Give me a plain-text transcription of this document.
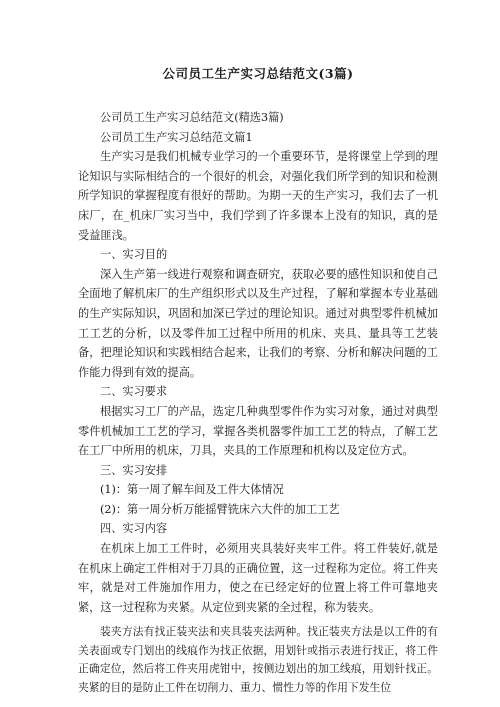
公司员工生产实习总结范文(3篇)

公司员工生产实习总结范文(精选3篇)

公司员工生产实习总结范文篇1

生产实习是我们机械专业学习的一个重要环节，是将课堂上学到的理论知识与实际相结合的一个很好的机会，对强化我们所学到的知识和检测所学知识的掌握程度有很好的帮助。为期一天的生产实习，我们去了一机床厂，在_机床厂实习当中，我们学到了许多课本上没有的知识，真的是受益匪浅。

一、实习目的

深入生产第一线进行观察和调查研究，获取必要的感性知识和使自己全面地了解机床厂的生产组织形式以及生产过程，了解和掌握本专业基础的生产实际知识，巩固和加深已学过的理论知识。通过对典型零件机械加工工艺的分析，以及零件加工过程中所用的机床、夹具、量具等工艺装备，把理论知识和实践相结合起来，让我们的考察、分析和解决问题的工作能力得到有效的提高。

二、实习要求

根据实习工厂的产品，选定几种典型零件作为实习对象，通过对典型零件机械加工工艺的学习，掌握各类机器零件加工工艺的特点，了解工艺在工厂中所用的机床，刀具，夹具的工作原理和机构以及定位方式。

三、实习安排

(1)：第一周了解车间及工件大体情况

(2)：第一周分析万能摇臂铣床六大件的加工工艺

四、实习内容

在机床上加工工件时，必须用夹具装好夹牢工件。将工件装好,就是在机床上确定工件相对于刀具的正确位置，这一过程称为定位。将工件夹牢，就是对工件施加作用力，使之在已经定好的位置上将工件可靠地夹紧，这一过程称为夹紧。从定位到夹紧的全过程，称为装夹。

装夹方法有找正装夹法和夹具装夹法两种。找正装夹方法是以工件的有关表面或专门划出的线痕作为找正依据，用划针或指示表进行找正，将工件正确定位，然后将工件夹用虎钳中，按侧边划出的加工线痕，用划针找正。夹紧的目的是防止工件在切削力、重力、惯性力等的作用下发生位
